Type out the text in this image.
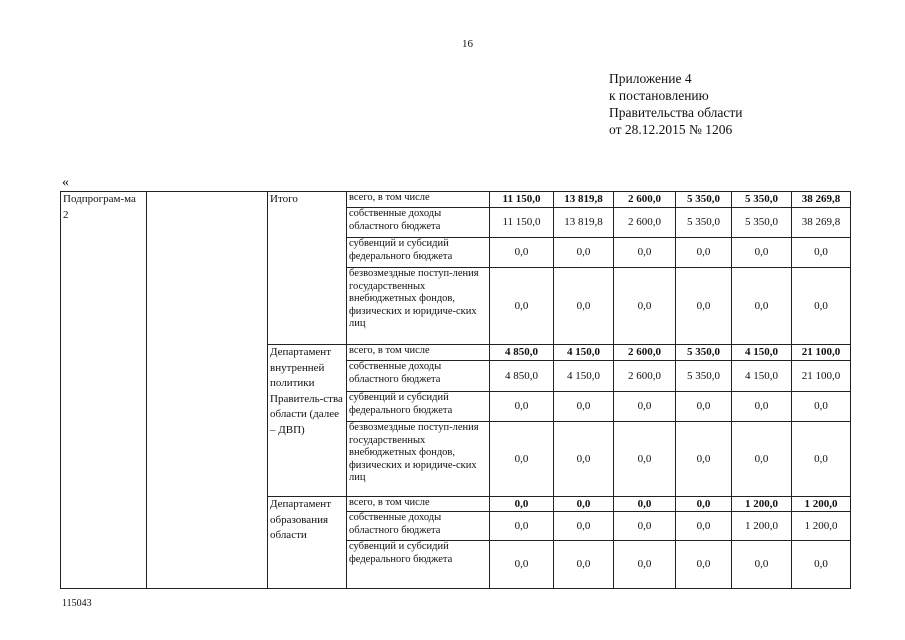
16
Приложение 4
к постановлению
Правительства области
от 28.12.2015 № 1206
«
Подпрограм-ма 2		Итого	всего, в том числе	11 150,0	13 819,8	2 600,0	5 350,0	5 350,0	38 269,8
			собственные доходы областного бюджета	11 150,0	13 819,8	2 600,0	5 350,0	5 350,0	38 269,8
			субвенций и субсидий федерального бюджета	0,0	0,0	0,0	0,0	0,0	0,0
			безвозмездные поступ-ления государственных внебюджетных фондов, физических и юридиче-ских лиц	0,0	0,0	0,0	0,0	0,0	0,0
		Департамент внутренней политики Правитель-ства области (далее – ДВП)	всего, в том числе	4 850,0	4 150,0	2 600,0	5 350,0	4 150,0	21 100,0
			собственные доходы областного бюджета	4 850,0	4 150,0	2 600,0	5 350,0	4 150,0	21 100,0
			субвенций и субсидий федерального бюджета	0,0	0,0	0,0	0,0	0,0	0,0
			безвозмездные поступ-ления государственных внебюджетных фондов, физических и юридиче-ских лиц	0,0	0,0	0,0	0,0	0,0	0,0
		Департамент образования области	всего, в том числе	0,0	0,0	0,0	0,0	1 200,0	1 200,0
			собственные доходы областного бюджета	0,0	0,0	0,0	0,0	1 200,0	1 200,0
			субвенций и субсидий федерального бюджета	0,0	0,0	0,0	0,0	0,0	0,0
115043
